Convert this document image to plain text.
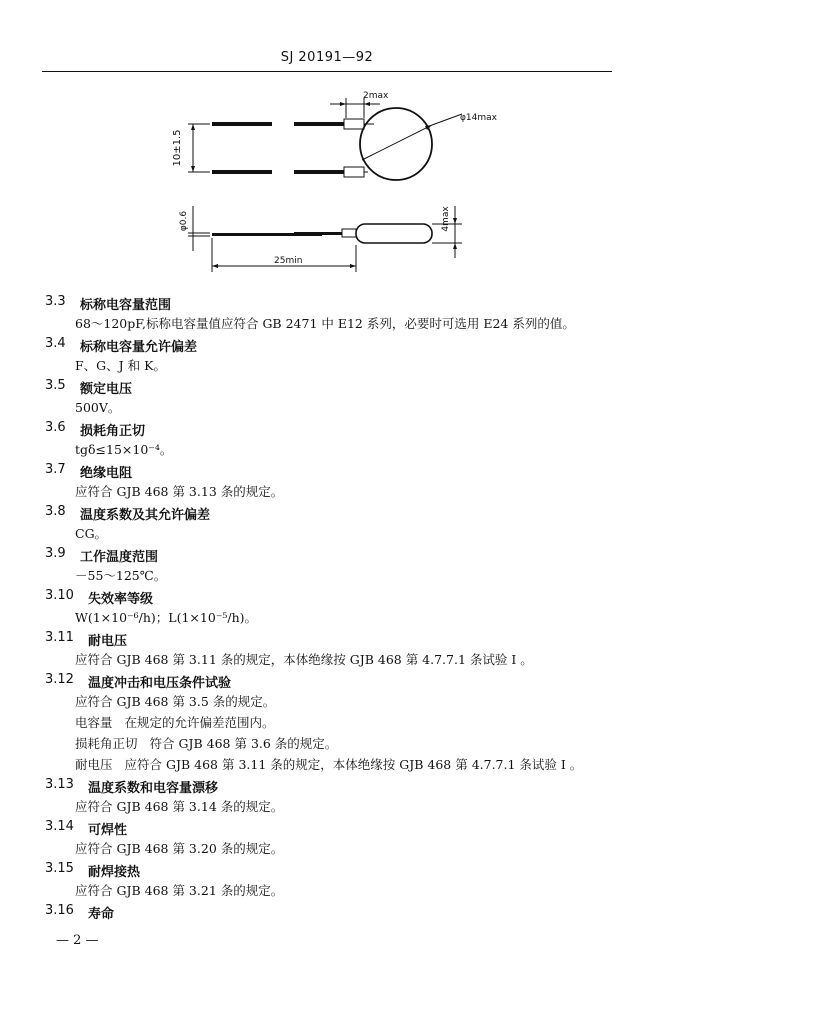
SJ 20191—92
10±1.5
φ0.6
2max
φ14max
4max
25min
3.3 标称电容量范围
68～120pF,标称电容量值应符合 GB 2471 中 E12 系列，必要时可选用 E24 系列的值。
3.4 标称电容量允许偏差
F、G、J 和 K。
3.5 额定电压
500V。
3.6 损耗角正切
tgδ≤15×10⁻⁴。
3.7 绝缘电阻
应符合 GJB 468 第 3.13 条的规定。
3.8 温度系数及其允许偏差
CG。
3.9 工作温度范围
－55～125℃。
3.10 失效率等级
W(1×10⁻⁶/h)；L(1×10⁻⁵/h)。
3.11 耐电压
应符合 GJB 468 第 3.11 条的规定，本体绝缘按 GJB 468 第 4.7.7.1 条试验 Ⅰ 。
3.12 温度冲击和电压条件试验
应符合 GJB 468 第 3.5 条的规定。
电容量 在规定的允许偏差范围内。
损耗角正切 符合 GJB 468 第 3.6 条的规定。
耐电压 应符合 GJB 468 第 3.11 条的规定，本体绝缘按 GJB 468 第 4.7.7.1 条试验 Ⅰ 。
3.13 温度系数和电容量漂移
应符合 GJB 468 第 3.14 条的规定。
3.14 可焊性
应符合 GJB 468 第 3.20 条的规定。
3.15 耐焊接热
应符合 GJB 468 第 3.21 条的规定。
3.16 寿命
— 2 —
